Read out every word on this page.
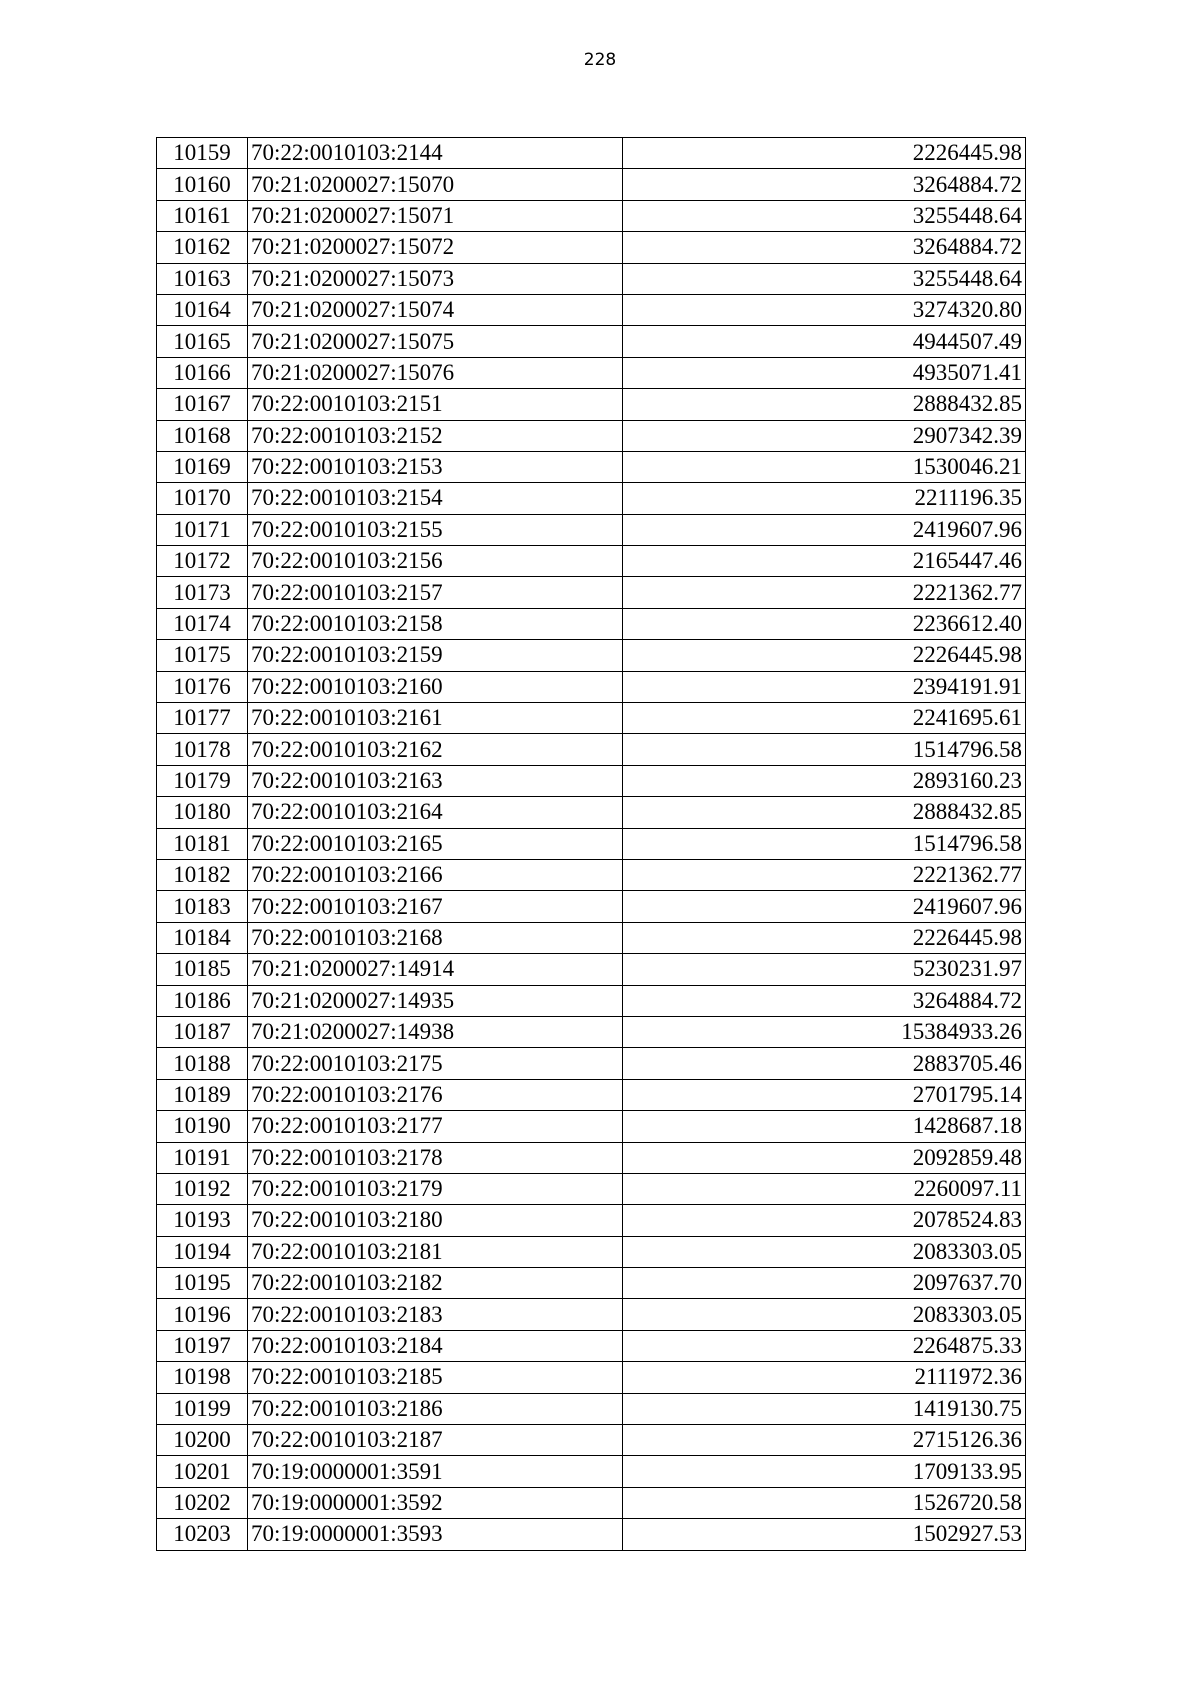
228
10159	70:22:0010103:2144	2226445.98
10160	70:21:0200027:15070	3264884.72
10161	70:21:0200027:15071	3255448.64
10162	70:21:0200027:15072	3264884.72
10163	70:21:0200027:15073	3255448.64
10164	70:21:0200027:15074	3274320.80
10165	70:21:0200027:15075	4944507.49
10166	70:21:0200027:15076	4935071.41
10167	70:22:0010103:2151	2888432.85
10168	70:22:0010103:2152	2907342.39
10169	70:22:0010103:2153	1530046.21
10170	70:22:0010103:2154	2211196.35
10171	70:22:0010103:2155	2419607.96
10172	70:22:0010103:2156	2165447.46
10173	70:22:0010103:2157	2221362.77
10174	70:22:0010103:2158	2236612.40
10175	70:22:0010103:2159	2226445.98
10176	70:22:0010103:2160	2394191.91
10177	70:22:0010103:2161	2241695.61
10178	70:22:0010103:2162	1514796.58
10179	70:22:0010103:2163	2893160.23
10180	70:22:0010103:2164	2888432.85
10181	70:22:0010103:2165	1514796.58
10182	70:22:0010103:2166	2221362.77
10183	70:22:0010103:2167	2419607.96
10184	70:22:0010103:2168	2226445.98
10185	70:21:0200027:14914	5230231.97
10186	70:21:0200027:14935	3264884.72
10187	70:21:0200027:14938	15384933.26
10188	70:22:0010103:2175	2883705.46
10189	70:22:0010103:2176	2701795.14
10190	70:22:0010103:2177	1428687.18
10191	70:22:0010103:2178	2092859.48
10192	70:22:0010103:2179	2260097.11
10193	70:22:0010103:2180	2078524.83
10194	70:22:0010103:2181	2083303.05
10195	70:22:0010103:2182	2097637.70
10196	70:22:0010103:2183	2083303.05
10197	70:22:0010103:2184	2264875.33
10198	70:22:0010103:2185	2111972.36
10199	70:22:0010103:2186	1419130.75
10200	70:22:0010103:2187	2715126.36
10201	70:19:0000001:3591	1709133.95
10202	70:19:0000001:3592	1526720.58
10203	70:19:0000001:3593	1502927.53
